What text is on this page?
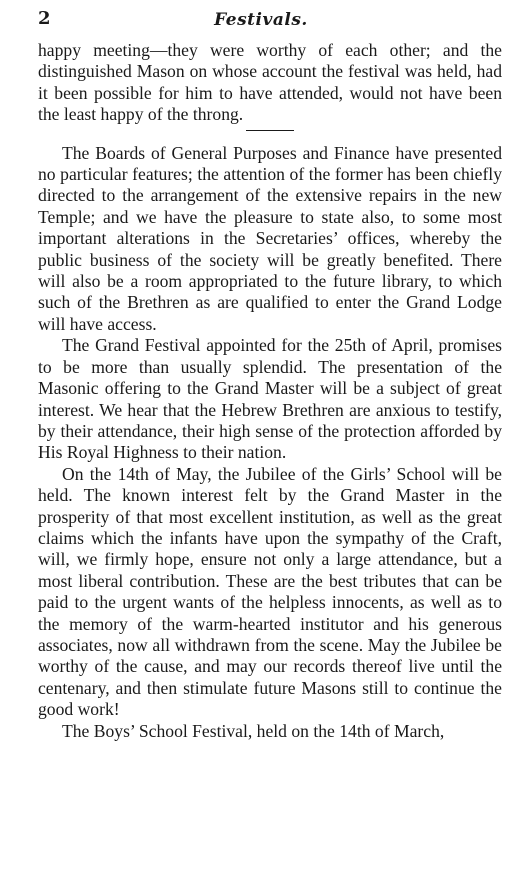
2	Festivals.

happy meeting—they were worthy of each other; and the distinguished Mason on whose account the festival was held, had it been possible for him to have attended, would not have been the least happy of the throng.

The Boards of General Purposes and Finance have presented no particular features; the attention of the former has been chiefly directed to the arrangement of the extensive repairs in the new Temple; and we have the pleasure to state also, to some most important alterations in the Secretaries’ offices, whereby the public business of the society will be greatly benefited. There will also be a room appropriated to the future library, to which such of the Brethren as are qualified to enter the Grand Lodge will have access.

The Grand Festival appointed for the 25th of April, promises to be more than usually splendid. The presentation of the Masonic offering to the Grand Master will be a subject of great interest. We hear that the Hebrew Brethren are anxious to testify, by their attendance, their high sense of the protection afforded by His Royal Highness to their nation.

On the 14th of May, the Jubilee of the Girls’ School will be held. The known interest felt by the Grand Master in the prosperity of that most excellent institution, as well as the great claims which the infants have upon the sympathy of the Craft, will, we firmly hope, ensure not only a large attendance, but a most liberal contribution. These are the best tributes that can be paid to the urgent wants of the helpless innocents, as well as to the memory of the warm-hearted institutor and his generous associates, now all withdrawn from the scene. May the Jubilee be worthy of the cause, and may our records thereof live until the centenary, and then stimulate future Masons still to continue the good work!

The Boys’ School Festival, held on the 14th of March,
